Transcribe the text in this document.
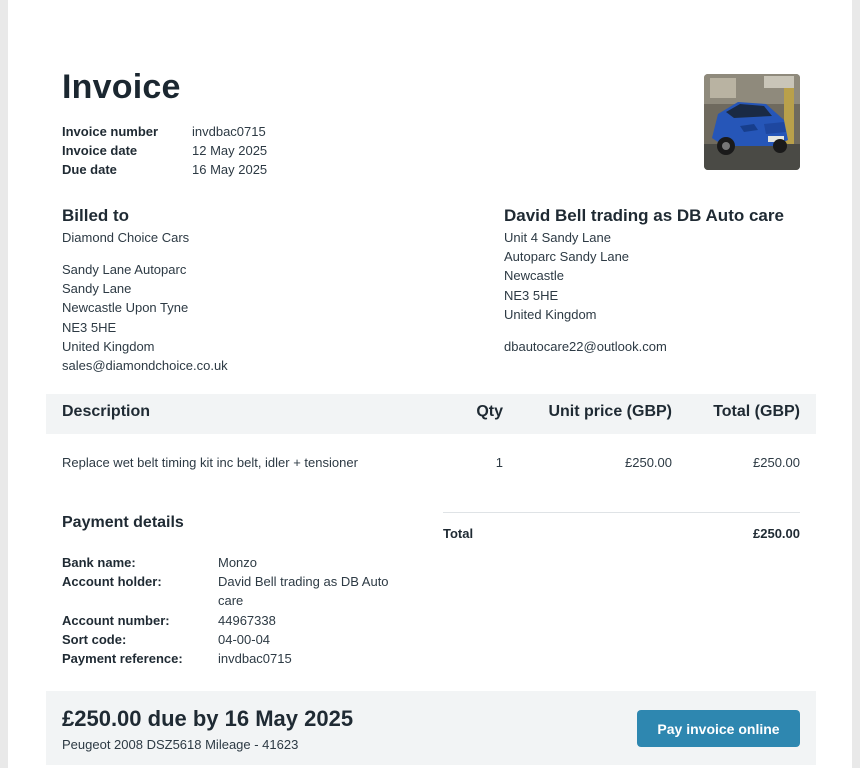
Invoice
Invoice number	invdbac0715
Invoice date	12 May 2025
Due date	16 May 2025
Billed to
Diamond Choice Cars
Sandy Lane Autoparc
Sandy Lane
Newcastle Upon Tyne
NE3 5HE
United Kingdom
sales@diamondchoice.co.uk
David Bell trading as DB Auto care
Unit 4 Sandy Lane
Autoparc Sandy Lane
Newcastle
NE3 5HE
United Kingdom
dbautocare22@outlook.com
Description	Qty	Unit price (GBP)	Total (GBP)
Replace wet belt timing kit inc belt, idler + tensioner	1	£250.00	£250.00
Total	£250.00
Payment details
Bank name:	Monzo
Account holder:	David Bell trading as DB Auto care
Account number:	44967338
Sort code:	04-00-04
Payment reference:	invdbac0715
£250.00 due by 16 May 2025
Peugeot 2008 DSZ5618 Mileage - 41623
Pay invoice online
